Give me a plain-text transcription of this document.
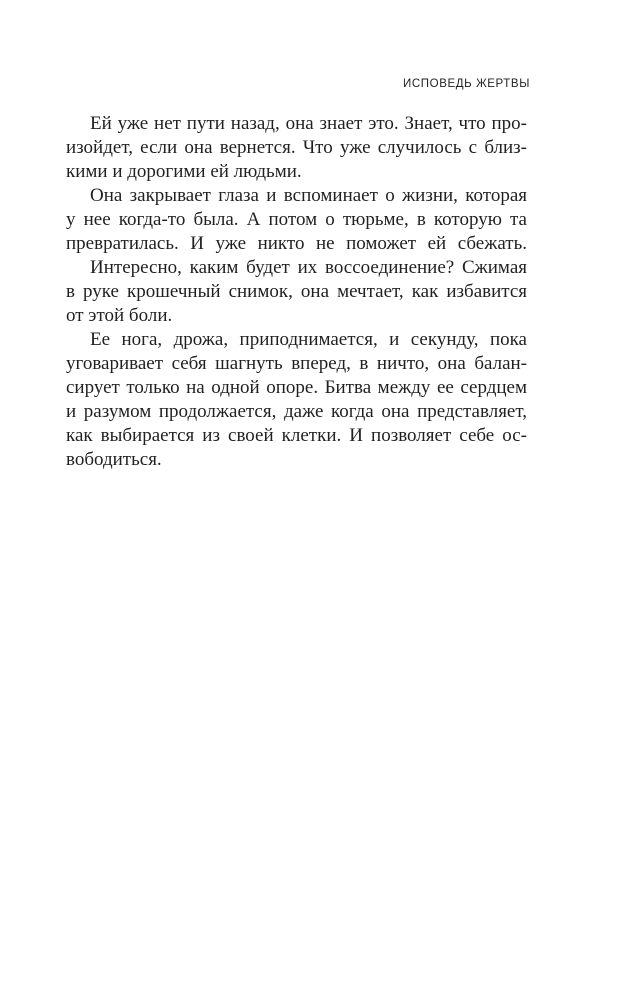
ИСПОВЕДЬ ЖЕРТВЫ
Ей уже нет пути назад, она знает это. Знает, что про-
изойдет, если она вернется. Что уже случилось с близ-
кими и дорогими ей людьми.
Она закрывает глаза и вспоминает о жизни, которая
у нее когда-то была. А потом о тюрьме, в которую та
превратилась. И уже никто не поможет ей сбежать.
Интересно, каким будет их воссоединение? Сжимая
в руке крошечный снимок, она мечтает, как избавится
от этой боли.
Ее нога, дрожа, приподнимается, и секунду, пока
уговаривает себя шагнуть вперед, в ничто, она балан-
сирует только на одной опоре. Битва между ее сердцем
и разумом продолжается, даже когда она представляет,
как выбирается из своей клетки. И позволяет себе ос-
вободиться.
